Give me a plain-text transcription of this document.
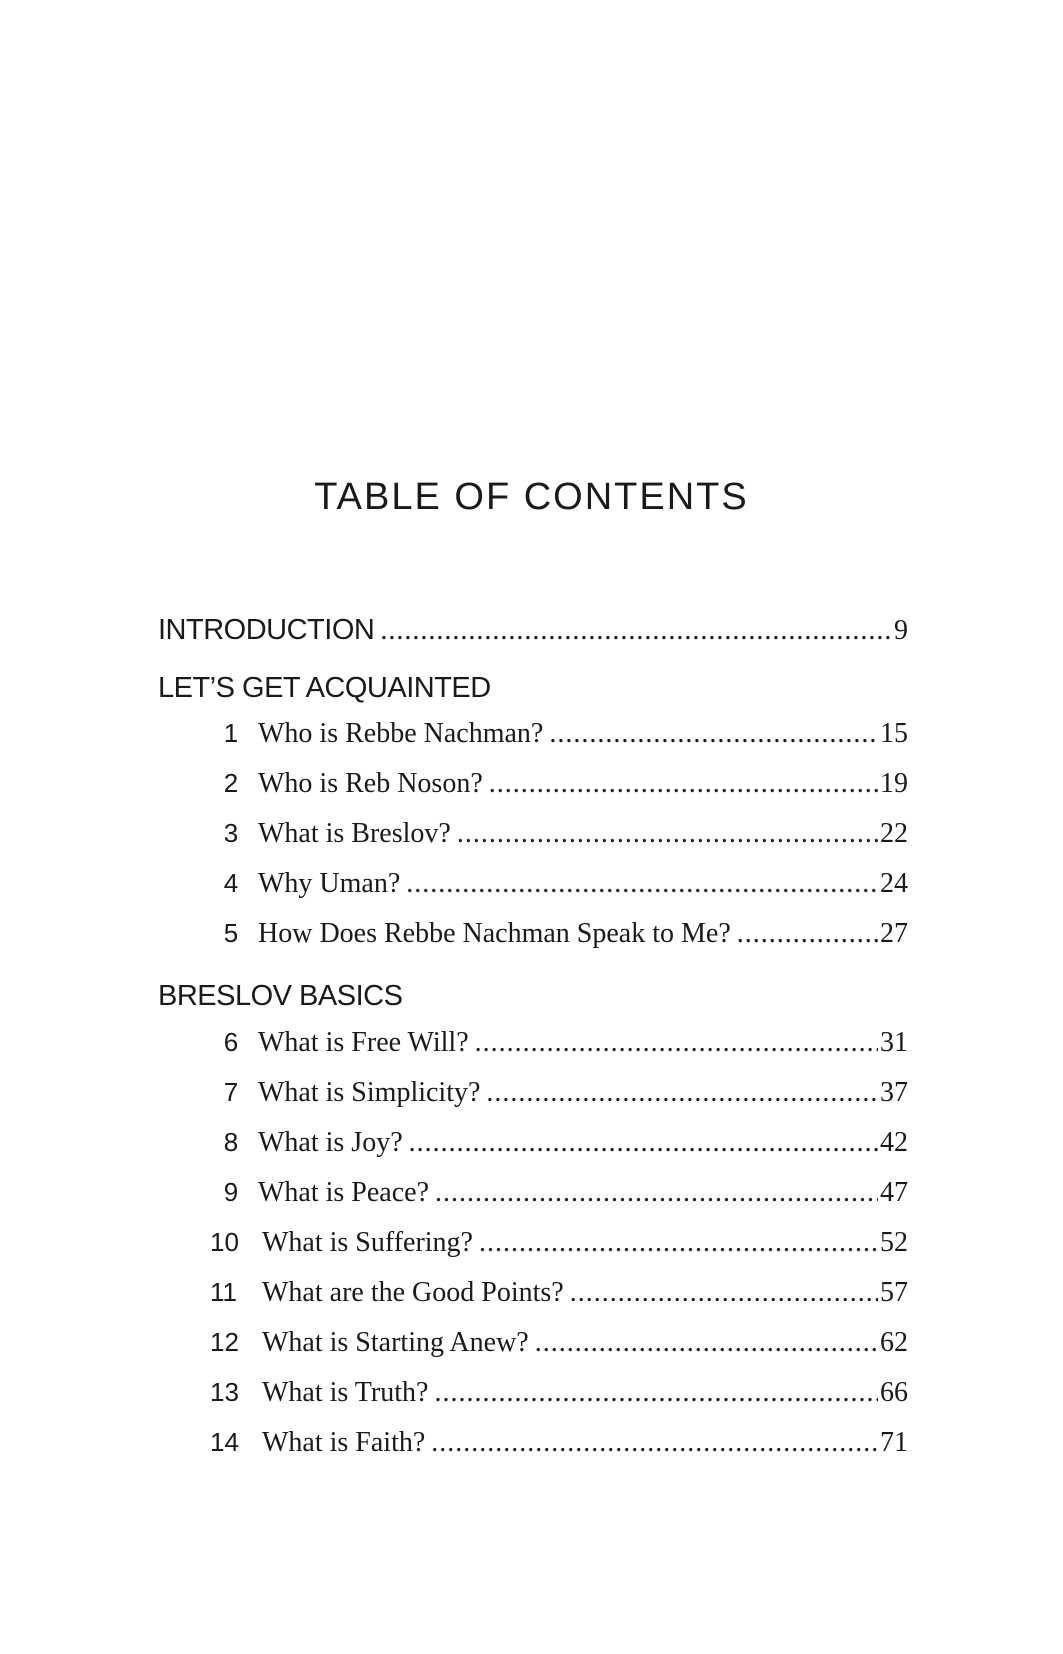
TABLE OF CONTENTS
INTRODUCTION .....	9
LET’S GET ACQUAINTED
1 Who is Rebbe Nachman? .....	15
2 Who is Reb Noson? .....	19
3 What is Breslov? .....	22
4 Why Uman? .....	24
5 How Does Rebbe Nachman Speak to Me? .....	27
BRESLOV BASICS
6 What is Free Will? .....	31
7 What is Simplicity? .....	37
8 What is Joy? .....	42
9 What is Peace? .....	47
10 What is Suffering? .....	52
11 What are the Good Points? .....	57
12 What is Starting Anew? .....	62
13 What is Truth? .....	66
14 What is Faith? .....	71
